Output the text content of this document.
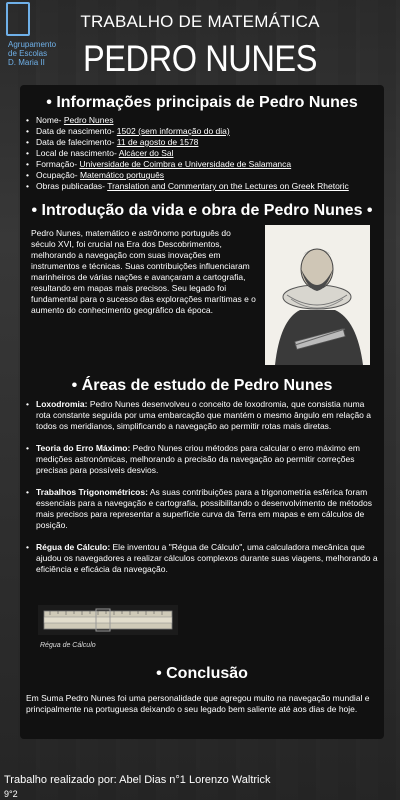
Agrupamento
de Escolas
D. Maria II
TRABALHO DE MATEMÁTICA
PEDRO NUNES
• Informações principais de Pedro Nunes
• Nome- Pedro Nunes
• Data de nascimento- 1502 (sem informação do dia)
• Data de falecimento- 11 de agosto de 1578
• Local de nascimento- Alcácer do Sal
• Formação- Universidade de Coimbra e Universidade de Salamanca
• Ocupação- Matemático português
• Obras publicadas- Translation and Commentary on the Lectures on Greek Rhetoric
• Introdução da vida e obra de Pedro Nunes •
Pedro Nunes, matemático e astrônomo português do século XVI, foi crucial na Era dos Descobrimentos, melhorando a navegação com suas inovações em instrumentos e técnicas. Suas contribuições influenciaram marinheiros de várias nações e avançaram a cartografia, resultando em mapas mais precisos. Seu legado foi fundamental para o sucesso das explorações marítimas e o aumento do conhecimento geográfico da época.
• Áreas de estudo de Pedro Nunes
• Loxodromia: Pedro Nunes desenvolveu o conceito de loxodromia, que consistia numa rota constante seguida por uma embarcação que mantém o mesmo ângulo em relação a todos os meridianos, simplificando a navegação ao permitir rotas mais diretas.
• Teoria do Erro Máximo: Pedro Nunes criou métodos para calcular o erro máximo em medições astronómicas, melhorando a precisão da navegação ao permitir correções precisas para possíveis desvios.
• Trabalhos Trigonométricos: As suas contribuições para a trigonometria esférica foram essenciais para a navegação e cartografia, possibilitando o desenvolvimento de métodos mais precisos para representar a superfície curva da Terra em mapas e em cálculos de posição.
• Régua de Cálculo: Ele inventou a "Régua de Cálculo", uma calculadora mecânica que ajudou os navegadores a realizar cálculos complexos durante suas viagens, melhorando a eficiência e eficácia da navegação.
Régua de Cálculo
• Conclusão
Em Suma Pedro Nunes foi uma personalidade que agregou muito na navegação mundial e principalmente na portuguesa deixando o seu legado bem saliente até aos dias de hoje.
Trabalho realizado por: Abel Dias n°1 Lorenzo Waltrick
9°2
